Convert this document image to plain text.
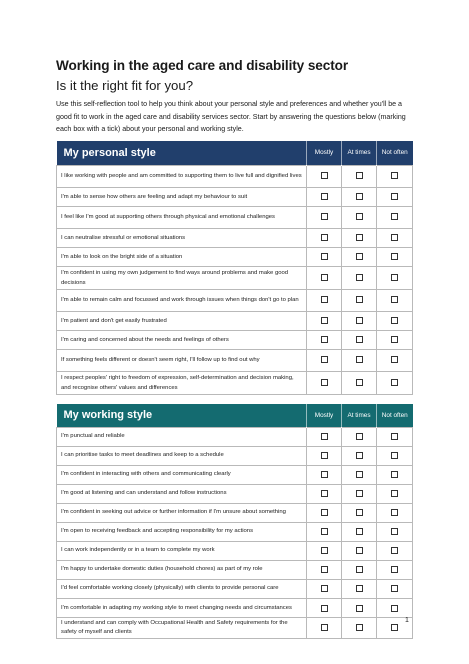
Working in the aged care and disability sector
Is it the right fit for you?
Use this self-reflection tool to help you think about your personal style and preferences and whether you'll be a good fit to work in the aged care and disability services sector. Start by answering the questions below (marking each box with a tick) about your personal and working style.
My personal style	Mostly	At times	Not often
I like working with people and am committed to supporting them to live full and dignified lives			
I'm able to sense how others are feeling and adapt my behaviour to suit			
I feel like I'm good at supporting others through physical and emotional challenges			
I can neutralise stressful or emotional situations			
I'm able to look on the bright side of a situation			
I'm confident in using my own judgement to find ways around problems and make good decisions			
I'm able to remain calm and focussed and work through issues when things don't go to plan			
I'm patient and don't get easily frustrated			
I'm caring and concerned about the needs and feelings of others			
If something feels different or doesn't seem right, I'll follow up to find out why			
I respect peoples' right to freedom of expression, self-determination and decision making, and recognise others' values and differences			
My working style	Mostly	At times	Not often
I'm punctual and reliable			
I can prioritise tasks to meet deadlines and keep to a schedule			
I'm confident in interacting with others and communicating clearly			
I'm good at listening and can understand and follow instructions			
I'm confident in seeking out advice or further information if I'm unsure about something			
I'm open to receiving feedback and accepting responsibility for my actions			
I can work independently or in a team to complete my work			
I'm happy to undertake domestic duties (household chores) as part of my role			
I'd feel comfortable working closely (physically) with clients to provide personal care			
I'm comfortable in adapting my working style to meet changing needs and circumstances			
I understand and can comply with Occupational Health and Safety requirements for the safety of myself and clients			
1
